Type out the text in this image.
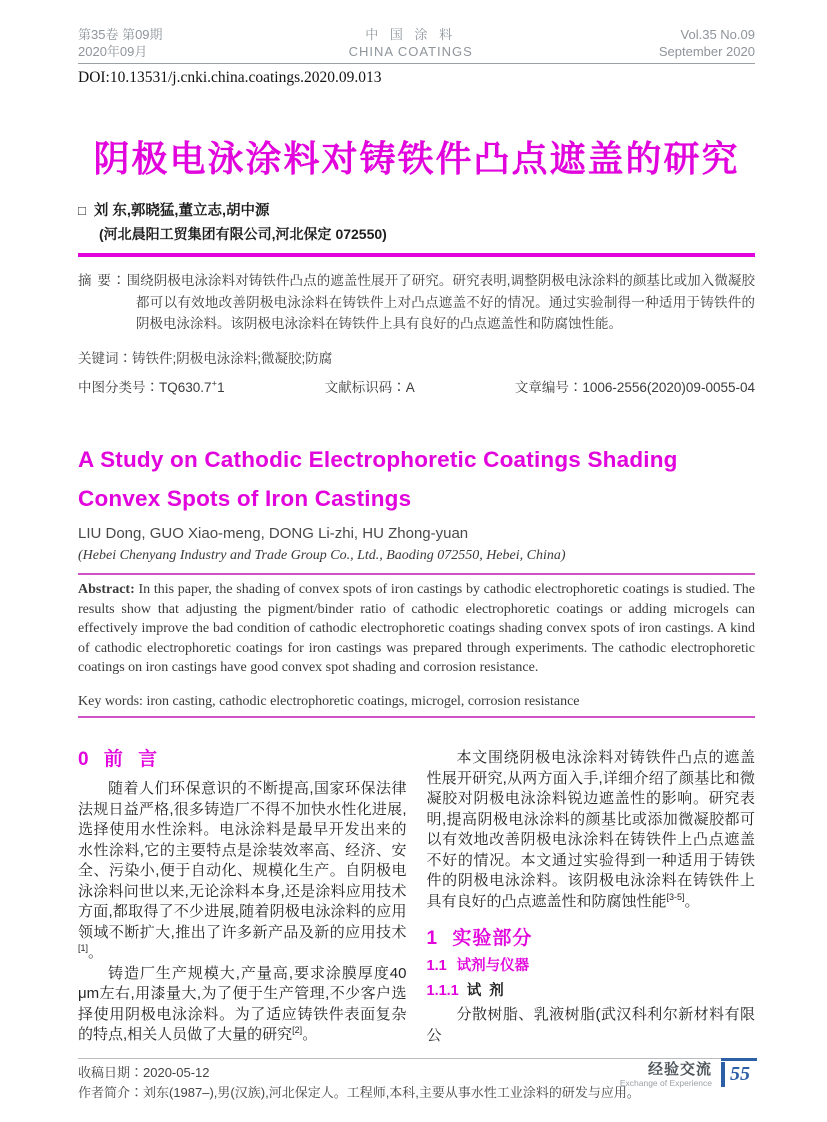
第35卷 第09期
2020年09月
中 国 涂 料
CHINA COATINGS
Vol.35 No.09
September 2020
DOI:10.13531/j.cnki.china.coatings.2020.09.013
阴极电泳涂料对铸铁件凸点遮盖的研究
□ 刘 东,郭晓猛,董立志,胡中源
(河北晨阳工贸集团有限公司,河北保定 072550)

摘 要∶围绕阴极电泳涂料对铸铁件凸点的遮盖性展开了研究。研究表明,调整阴极电泳涂料的颜基比或加入微凝胶都可以有效地改善阴极电泳涂料在铸铁件上对凸点遮盖不好的情况。通过实验制得一种适用于铸铁件的阴极电泳涂料。该阴极电泳涂料在铸铁件上具有良好的凸点遮盖性和防腐蚀性能。

关键词∶铸铁件;阴极电泳涂料;微凝胶;防腐
中图分类号∶TQ630.7+1	文献标识码∶A	文章编号∶1006-2556(2020)09-0055-04
A Study on Cathodic Electrophoretic Coatings Shading
Convex Spots of Iron Castings
LIU Dong, GUO Xiao-meng, DONG Li-zhi, HU Zhong-yuan
(Hebei Chenyang Industry and Trade Group Co., Ltd., Baoding 072550, Hebei, China)

Abstract: In this paper, the shading of convex spots of iron castings by cathodic electrophoretic coatings is studied. The results show that adjusting the pigment/binder ratio of cathodic electrophoretic coatings or adding microgels can effectively improve the bad condition of cathodic electrophoretic coatings shading convex spots of iron castings. A kind of cathodic electrophoretic coatings for iron castings was prepared through experiments. The cathodic electrophoretic coatings on iron castings have good convex spot shading and corrosion resistance.

Key words: iron casting, cathodic electrophoretic coatings, microgel, corrosion resistance
0 前 言

随着人们环保意识的不断提高,国家环保法律法规日益严格,很多铸造厂不得不加快水性化进展,选择使用水性涂料。电泳涂料是最早开发出来的水性涂料,它的主要特点是涂装效率高、经济、安全、污染小,便于自动化、规模化生产。自阴极电泳涂料问世以来,无论涂料本身,还是涂料应用技术方面,都取得了不少进展,随着阴极电泳涂料的应用领域不断扩大,推出了许多新产品及新的应用技术[1]。

铸造厂生产规模大,产量高,要求涂膜厚度40 μm左右,用漆量大,为了便于生产管理,不少客户选择使用阴极电泳涂料。为了适应铸铁件表面复杂的特点,相关人员做了大量的研究[2]。

本文围绕阴极电泳涂料对铸铁件凸点的遮盖性展开研究,从两方面入手,详细介绍了颜基比和微凝胶对阴极电泳涂料锐边遮盖性的影响。研究表明,提高阴极电泳涂料的颜基比或添加微凝胶都可以有效地改善阴极电泳涂料在铸铁件上凸点遮盖不好的情况。本文通过实验得到一种适用于铸铁件的阴极电泳涂料。该阴极电泳涂料在铸铁件上具有良好的凸点遮盖性和防腐蚀性能[3-5]。

1 实验部分
1.1 试剂与仪器
1.1.1 试 剂

分散树脂、乳液树脂(武汉科利尔新材料有限公

收稿日期∶2020-05-12
作者简介∶刘东(1987–),男(汉族),河北保定人。工程师,本科,主要从事水性工业涂料的研发与应用。
经验交流
Exchange of Experience 55
